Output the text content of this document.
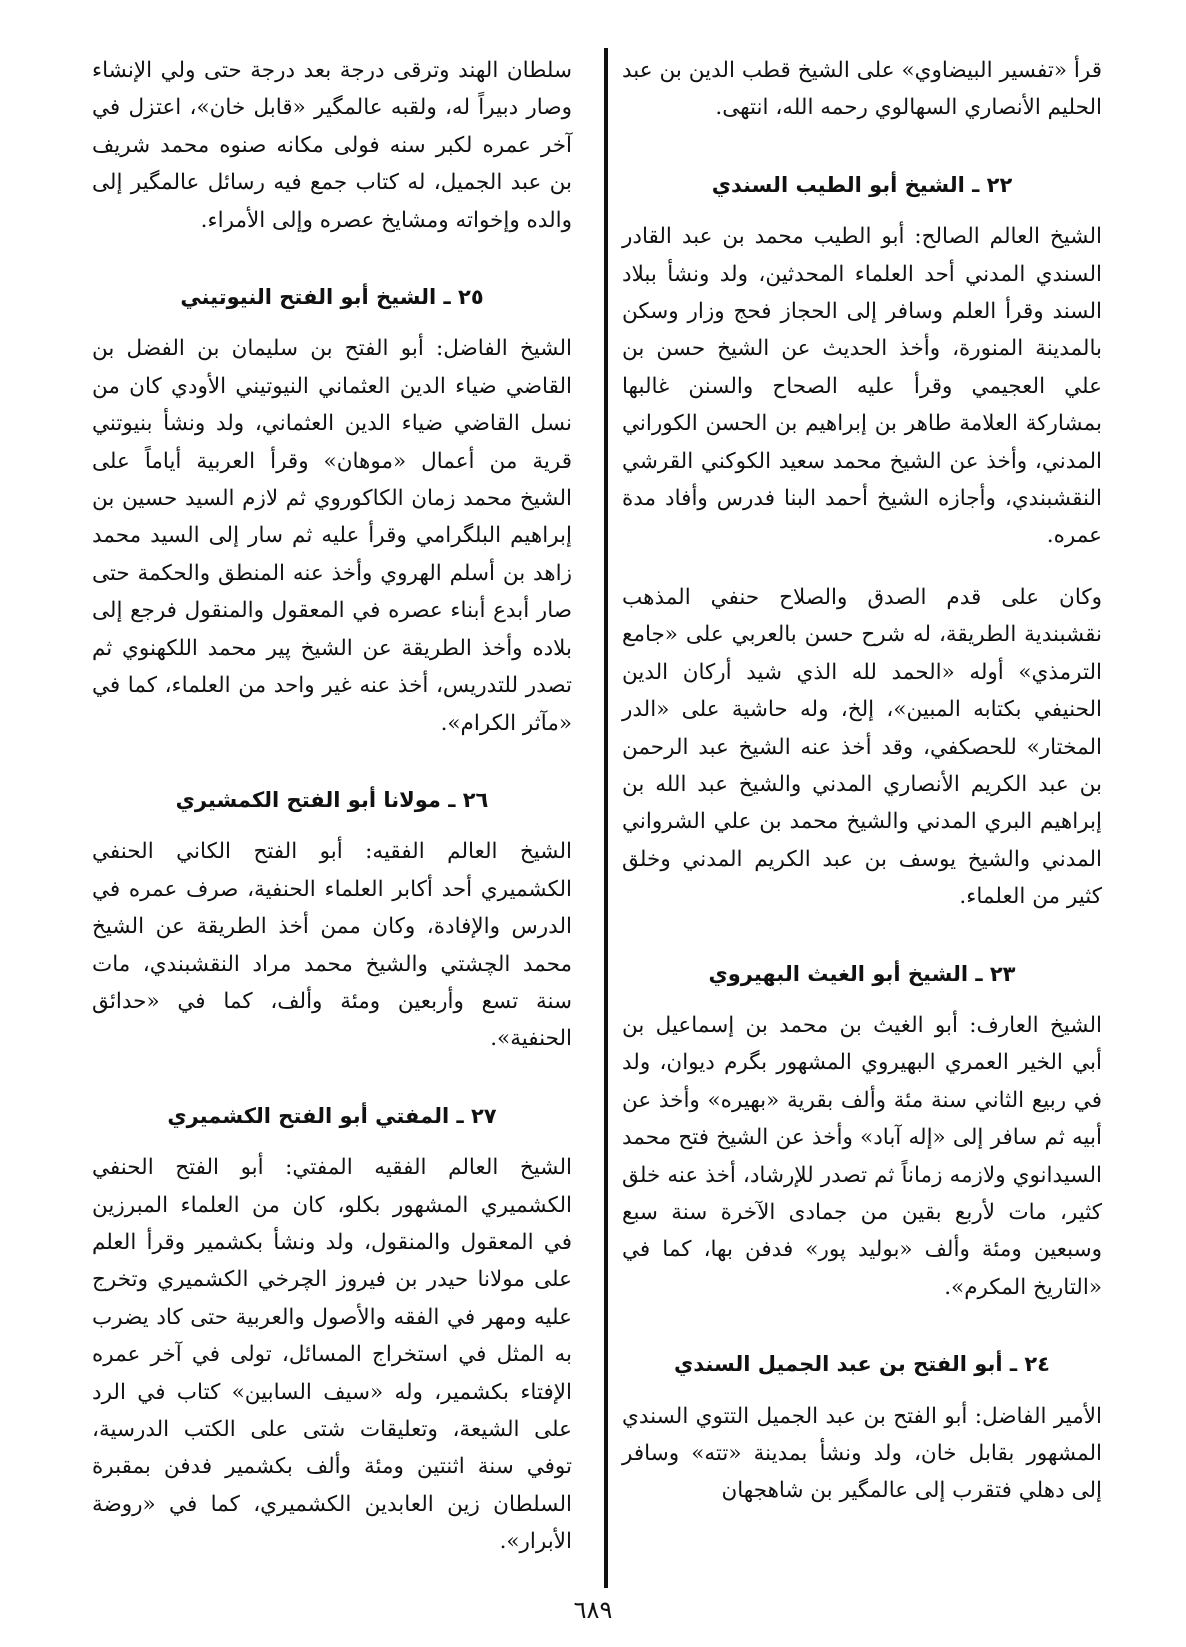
قرأ «تفسير البيضاوي» على الشيخ قطب الدين بن عبد الحليم الأنصاري السهالوي رحمه الله، انتهى.

٢٢ ـ الشيخ أبو الطيب السندي

الشيخ العالم الصالح: أبو الطيب محمد بن عبد القادر السندي المدني أحد العلماء المحدثين، ولد ونشأ ببلاد السند وقرأ العلم وسافر إلى الحجاز فحج وزار وسكن بالمدينة المنورة، وأخذ الحديث عن الشيخ حسن بن علي العجيمي وقرأ عليه الصحاح والسنن غالبها بمشاركة العلامة طاهر بن إبراهيم بن الحسن الكوراني المدني، وأخذ عن الشيخ محمد سعيد الكوكني القرشي النقشبندي، وأجازه الشيخ أحمد البنا فدرس وأفاد مدة عمره.

وكان على قدم الصدق والصلاح حنفي المذهب نقشبندية الطريقة، له شرح حسن بالعربي على «جامع الترمذي» أوله «الحمد لله الذي شيد أركان الدين الحنيفي بكتابه المبين»، إلخ، وله حاشية على «الدر المختار» للحصكفي، وقد أخذ عنه الشيخ عبد الرحمن بن عبد الكريم الأنصاري المدني والشيخ عبد الله بن إبراهيم البري المدني والشيخ محمد بن علي الشرواني المدني والشيخ يوسف بن عبد الكريم المدني وخلق كثير من العلماء.

٢٣ ـ الشيخ أبو الغيث البهيروي

الشيخ العارف: أبو الغيث بن محمد بن إسماعيل بن أبي الخير العمري البهيروي المشهور بگرم ديوان، ولد في ربيع الثاني سنة مئة وألف بقرية «بهيره» وأخذ عن أبيه ثم سافر إلى «إله آباد» وأخذ عن الشيخ فتح محمد السيدانوي ولازمه زماناً ثم تصدر للإرشاد، أخذ عنه خلق كثير، مات لأربع بقين من جمادى الآخرة سنة سبع وسبعين ومئة وألف «بوليد پور» فدفن بها، كما في «التاريخ المكرم».

٢٤ ـ أبو الفتح بن عبد الجميل السندي

الأمير الفاضل: أبو الفتح بن عبد الجميل التتوي السندي المشهور بقابل خان، ولد ونشأ بمدينة «تته» وسافر إلى دهلي فتقرب إلى عالمگير بن شاهجهان

سلطان الهند وترقى درجة بعد درجة حتى ولي الإنشاء وصار دبيراً له، ولقبه عالمگير «قابل خان»، اعتزل في آخر عمره لكبر سنه فولى مكانه صنوه محمد شريف بن عبد الجميل، له كتاب جمع فيه رسائل عالمگير إلى والده وإخواته ومشايخ عصره وإلى الأمراء.

٢٥ ـ الشيخ أبو الفتح النيوتيني

الشيخ الفاضل: أبو الفتح بن سليمان بن الفضل بن القاضي ضياء الدين العثماني النيوتيني الأودي كان من نسل القاضي ضياء الدين العثماني، ولد ونشأ بنيوتني قرية من أعمال «موهان» وقرأ العربية أياماً على الشيخ محمد زمان الكاكوروي ثم لازم السيد حسين بن إبراهيم البلگرامي وقرأ عليه ثم سار إلى السيد محمد زاهد بن أسلم الهروي وأخذ عنه المنطق والحكمة حتى صار أبدع أبناء عصره في المعقول والمنقول فرجع إلى بلاده وأخذ الطريقة عن الشيخ پير محمد اللكهنوي ثم تصدر للتدريس، أخذ عنه غير واحد من العلماء، كما في «مآثر الكرام».

٢٦ ـ مولانا أبو الفتح الكمشيري

الشيخ العالم الفقيه: أبو الفتح الكاني الحنفي الكشميري أحد أكابر العلماء الحنفية، صرف عمره في الدرس والإفادة، وكان ممن أخذ الطريقة عن الشيخ محمد الچشتي والشيخ محمد مراد النقشبندي، مات سنة تسع وأربعين ومئة وألف، كما في «حدائق الحنفية».

٢٧ ـ المفتي أبو الفتح الكشميري

الشيخ العالم الفقيه المفتي: أبو الفتح الحنفي الكشميري المشهور بكلو، كان من العلماء المبرزين في المعقول والمنقول، ولد ونشأ بكشمير وقرأ العلم على مولانا حيدر بن فيروز الچرخي الكشميري وتخرج عليه ومهر في الفقه والأصول والعربية حتى كاد يضرب به المثل في استخراج المسائل، تولى في آخر عمره الإفتاء بكشمير، وله «سيف السابين» كتاب في الرد على الشيعة، وتعليقات شتى على الكتب الدرسية، توفي سنة اثنتين ومئة وألف بكشمير فدفن بمقبرة السلطان زين العابدين الكشميري، كما في «روضة الأبرار».

٦٨٩
